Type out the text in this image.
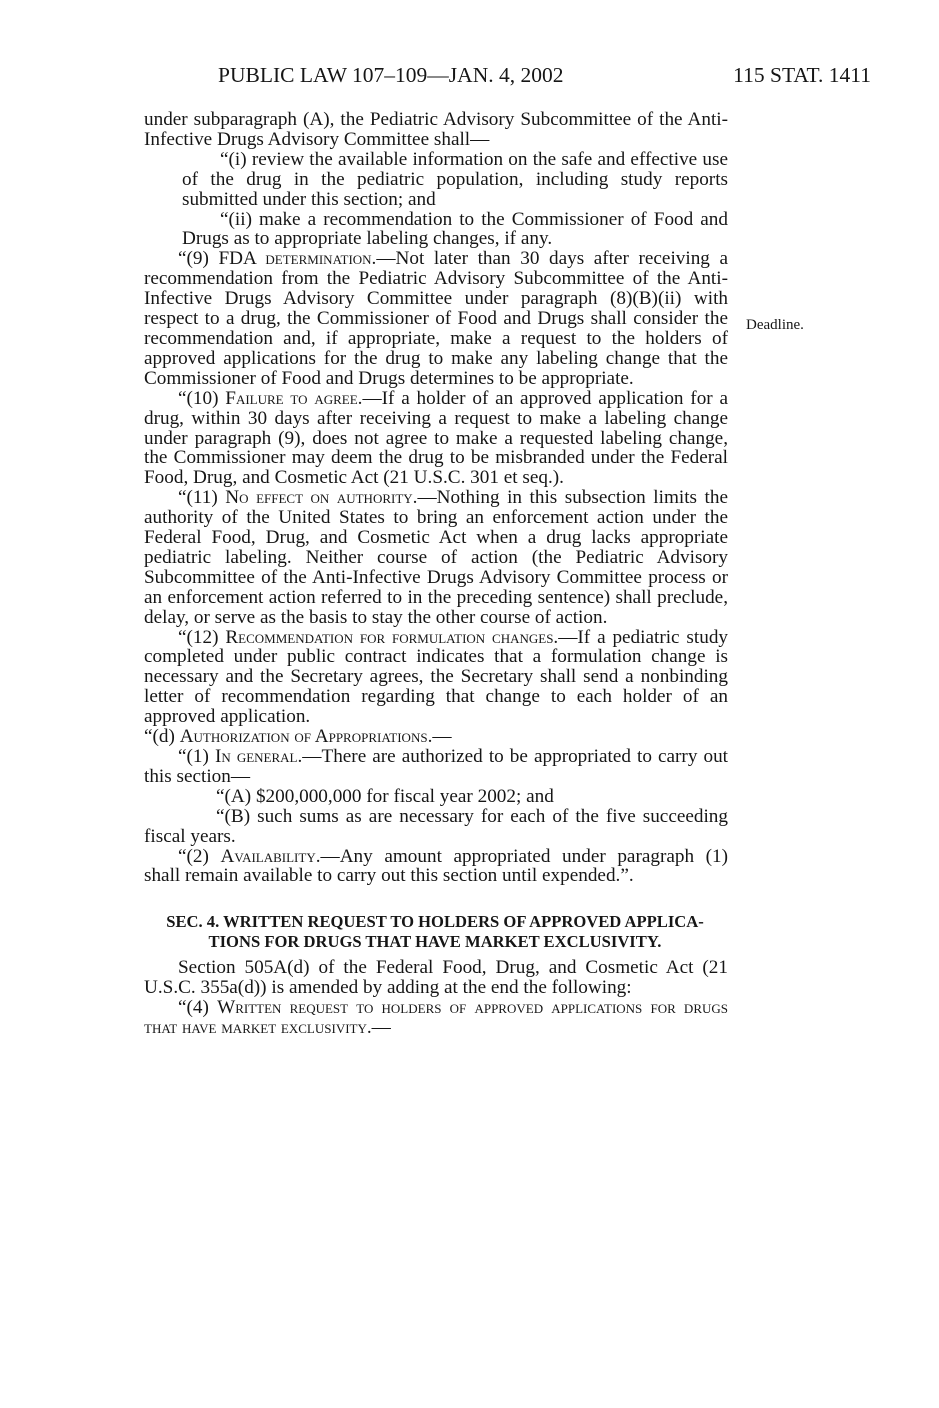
PUBLIC LAW 107–109—JAN. 4, 2002	115 STAT. 1411
Deadline.

under subparagraph (A), the Pediatric Advisory Subcommittee of the Anti-Infective Drugs Advisory Committee shall—

“(i) review the available information on the safe and effective use of the drug in the pediatric population, including study reports submitted under this section; and

“(ii) make a recommendation to the Commissioner of Food and Drugs as to appropriate labeling changes, if any.

“(9) FDA determination.—Not later than 30 days after receiving a recommendation from the Pediatric Advisory Subcommittee of the Anti-Infective Drugs Advisory Committee under paragraph (8)(B)(ii) with respect to a drug, the Commissioner of Food and Drugs shall consider the recommendation and, if appropriate, make a request to the holders of approved applications for the drug to make any labeling change that the Commissioner of Food and Drugs determines to be appropriate.

“(10) Failure to agree.—If a holder of an approved application for a drug, within 30 days after receiving a request to make a labeling change under paragraph (9), does not agree to make a requested labeling change, the Commissioner may deem the drug to be misbranded under the Federal Food, Drug, and Cosmetic Act (21 U.S.C. 301 et seq.).

“(11) No effect on authority.—Nothing in this subsection limits the authority of the United States to bring an enforcement action under the Federal Food, Drug, and Cosmetic Act when a drug lacks appropriate pediatric labeling. Neither course of action (the Pediatric Advisory Subcommittee of the Anti-Infective Drugs Advisory Committee process or an enforcement action referred to in the preceding sentence) shall preclude, delay, or serve as the basis to stay the other course of action.

“(12) Recommendation for formulation changes.—If a pediatric study completed under public contract indicates that a formulation change is necessary and the Secretary agrees, the Secretary shall send a nonbinding letter of recommendation regarding that change to each holder of an approved application.

“(d) Authorization of Appropriations.—

“(1) In general.—There are authorized to be appropriated to carry out this section—

“(A) $200,000,000 for fiscal year 2002; and

“(B) such sums as are necessary for each of the five succeeding fiscal years.

“(2) Availability.—Any amount appropriated under paragraph (1) shall remain available to carry out this section until expended.”.

SEC. 4. WRITTEN REQUEST TO HOLDERS OF APPROVED APPLICA-

TIONS FOR DRUGS THAT HAVE MARKET EXCLUSIVITY.

Section 505A(d) of the Federal Food, Drug, and Cosmetic Act (21 U.S.C. 355a(d)) is amended by adding at the end the following:

“(4) Written request to holders of approved applications for drugs that have market exclusivity.—
